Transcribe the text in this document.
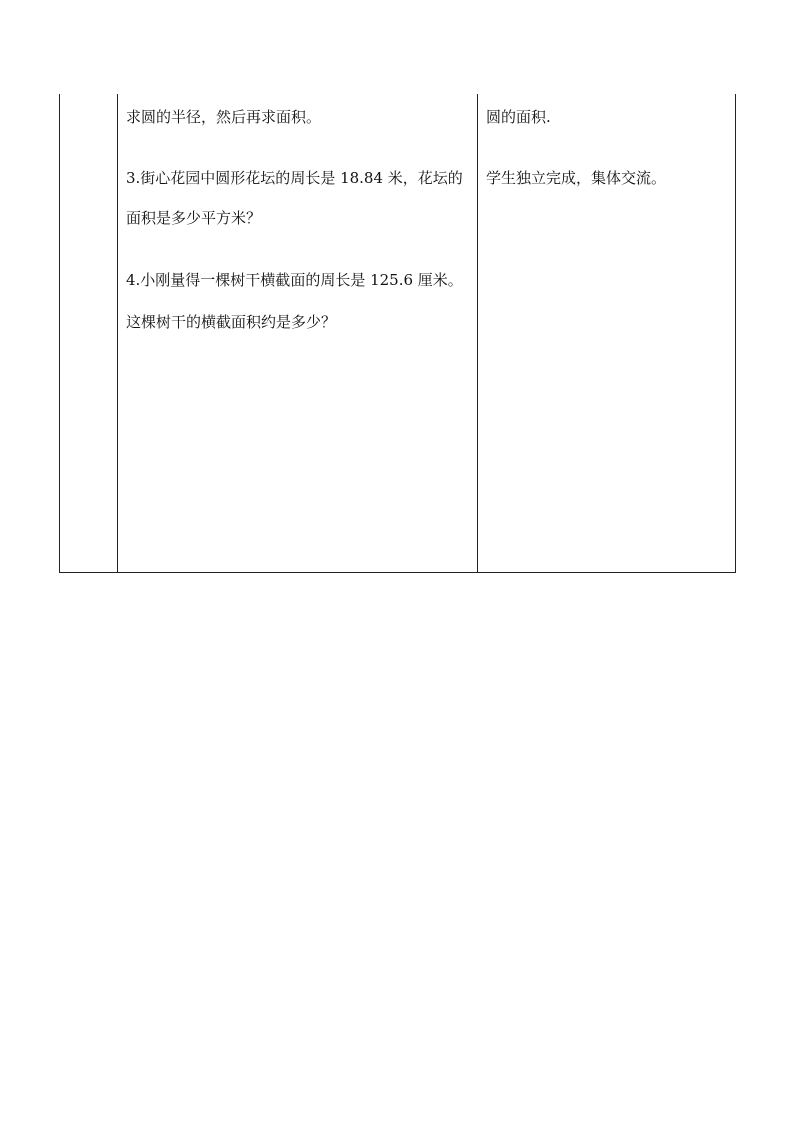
求圆的半径，然后再求面积。
3.街心花园中圆形花坛的周长是 18.84 米，花坛的
面积是多少平方米？
4.小刚量得一棵树干横截面的周长是 125.6 厘米。
这棵树干的横截面积约是多少？
圆的面积.
学生独立完成，集体交流。
